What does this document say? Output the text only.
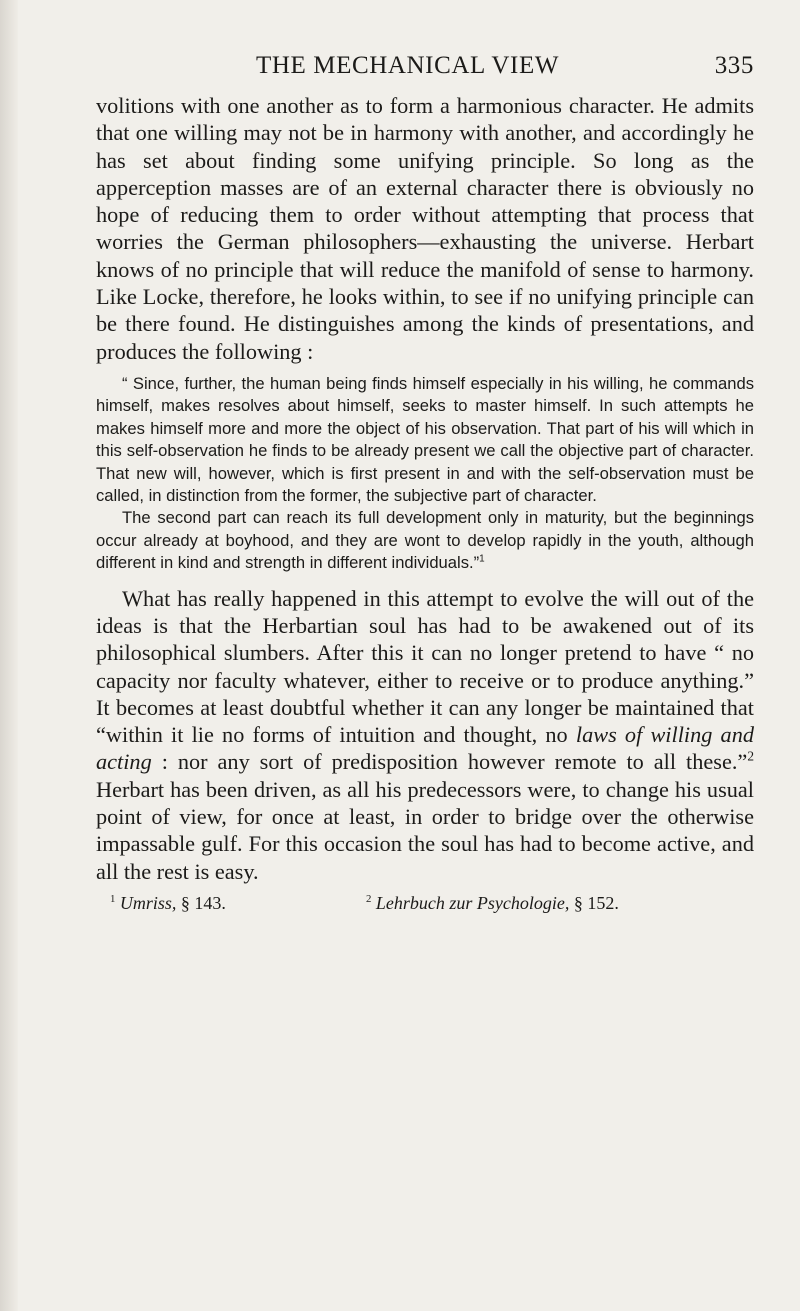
THE MECHANICAL VIEW	335

volitions with one another as to form a harmonious character. He admits that one willing may not be in harmony with another, and accordingly he has set about finding some unifying principle. So long as the apperception masses are of an external character there is obviously no hope of reducing them to order without attempting that process that worries the German philosophers—exhausting the universe. Herbart knows of no principle that will reduce the manifold of sense to harmony. Like Locke, therefore, he looks within, to see if no unifying principle can be there found. He distinguishes among the kinds of presentations, and produces the following :

“ Since, further, the human being finds himself especially in his willing, he commands himself, makes resolves about himself, seeks to master himself. In such attempts he makes himself more and more the object of his observation. That part of his will which in this self-observation he finds to be already present we call the objective part of character. That new will, however, which is first present in and with the self-observation must be called, in distinction from the former, the subjective part of character.

The second part can reach its full development only in maturity, but the beginnings occur already at boyhood, and they are wont to develop rapidly in the youth, although different in kind and strength in different individuals.”$^1$

What has really happened in this attempt to evolve the will out of the ideas is that the Herbartian soul has had to be awakened out of its philosophical slumbers. After this it can no longer pretend to have “ no capacity nor faculty whatever, either to receive or to produce anything.” It becomes at least doubtful whether it can any longer be maintained that “within it lie no forms of intuition and thought, no laws of willing and acting : nor any sort of predisposition however remote to all these.”$^2$ Herbart has been driven, as all his predecessors were, to change his usual point of view, for once at least, in order to bridge over the otherwise impassable gulf. For this occasion the soul has had to become active, and all the rest is easy.

$^1$ Umriss, § 143.	$^2$ Lehrbuch zur Psychologie, § 152.
